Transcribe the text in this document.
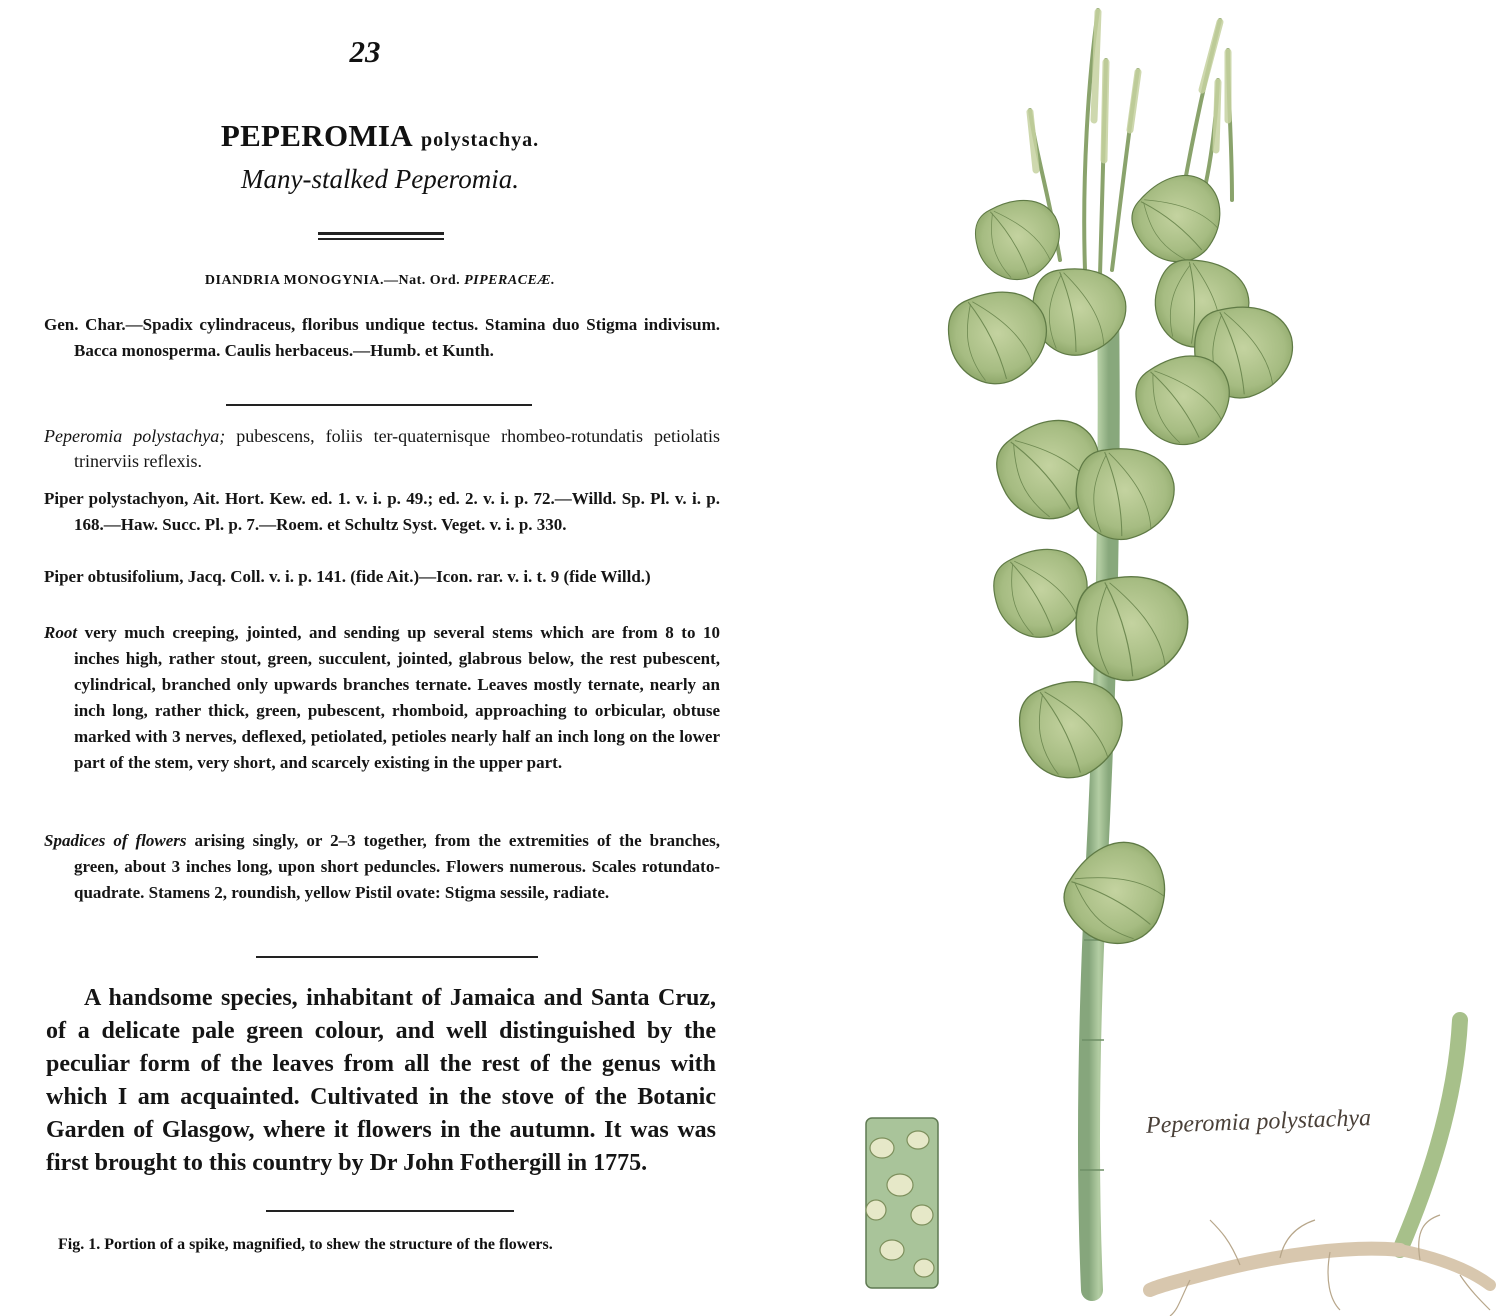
23
PEPEROMIA polystachya.
Many-stalked Peperomia.
DIANDRIA MONOGYNIA.—Nat. Ord. PIPERACEÆ.
Gen. Char.—Spadix cylindraceus, floribus undique tectus. Stamina duo Stigma indivisum. Bacca monosperma. Caulis herbaceus.—Humb. et Kunth.
Peperomia polystachya; pubescens, foliis ter-quaternisque rhombeo-rotundatis petiolatis trinerviis reflexis.
Piper polystachyon, Ait. Hort. Kew. ed. 1. v. i. p. 49.; ed. 2. v. i. p. 72.—Willd. Sp. Pl. v. i. p. 168.—Haw. Succ. Pl. p. 7.—Roem. et Schultz Syst. Veget. v. i. p. 330.
Piper obtusifolium, Jacq. Coll. v. i. p. 141. (fide Ait.)—Icon. rar. v. i. t. 9 (fide Willd.)
Root very much creeping, jointed, and sending up several stems which are from 8 to 10 inches high, rather stout, green, succulent, jointed, glabrous below, the rest pubescent, cylindrical, branched only upwards branches ternate. Leaves mostly ternate, nearly an inch long, rather thick, green, pubescent, rhomboid, approaching to orbicular, obtuse marked with 3 nerves, deflexed, petiolated, petioles nearly half an inch long on the lower part of the stem, very short, and scarcely existing in the upper part.
Spadices of flowers arising singly, or 2–3 together, from the extremities of the branches, green, about 3 inches long, upon short peduncles. Flowers numerous. Scales rotundato-quadrate. Stamens 2, roundish, yellow Pistil ovate: Stigma sessile, radiate.
A handsome species, inhabitant of Jamaica and Santa Cruz, of a delicate pale green colour, and well distinguished by the peculiar form of the leaves from all the rest of the genus with which I am acquainted. Cultivated in the stove of the Botanic Garden of Glasgow, where it flowers in the autumn. It was was first brought to this country by Dr John Fothergill in 1775.
Fig. 1. Portion of a spike, magnified, to shew the structure of the flowers.
Peperomia polystachya
